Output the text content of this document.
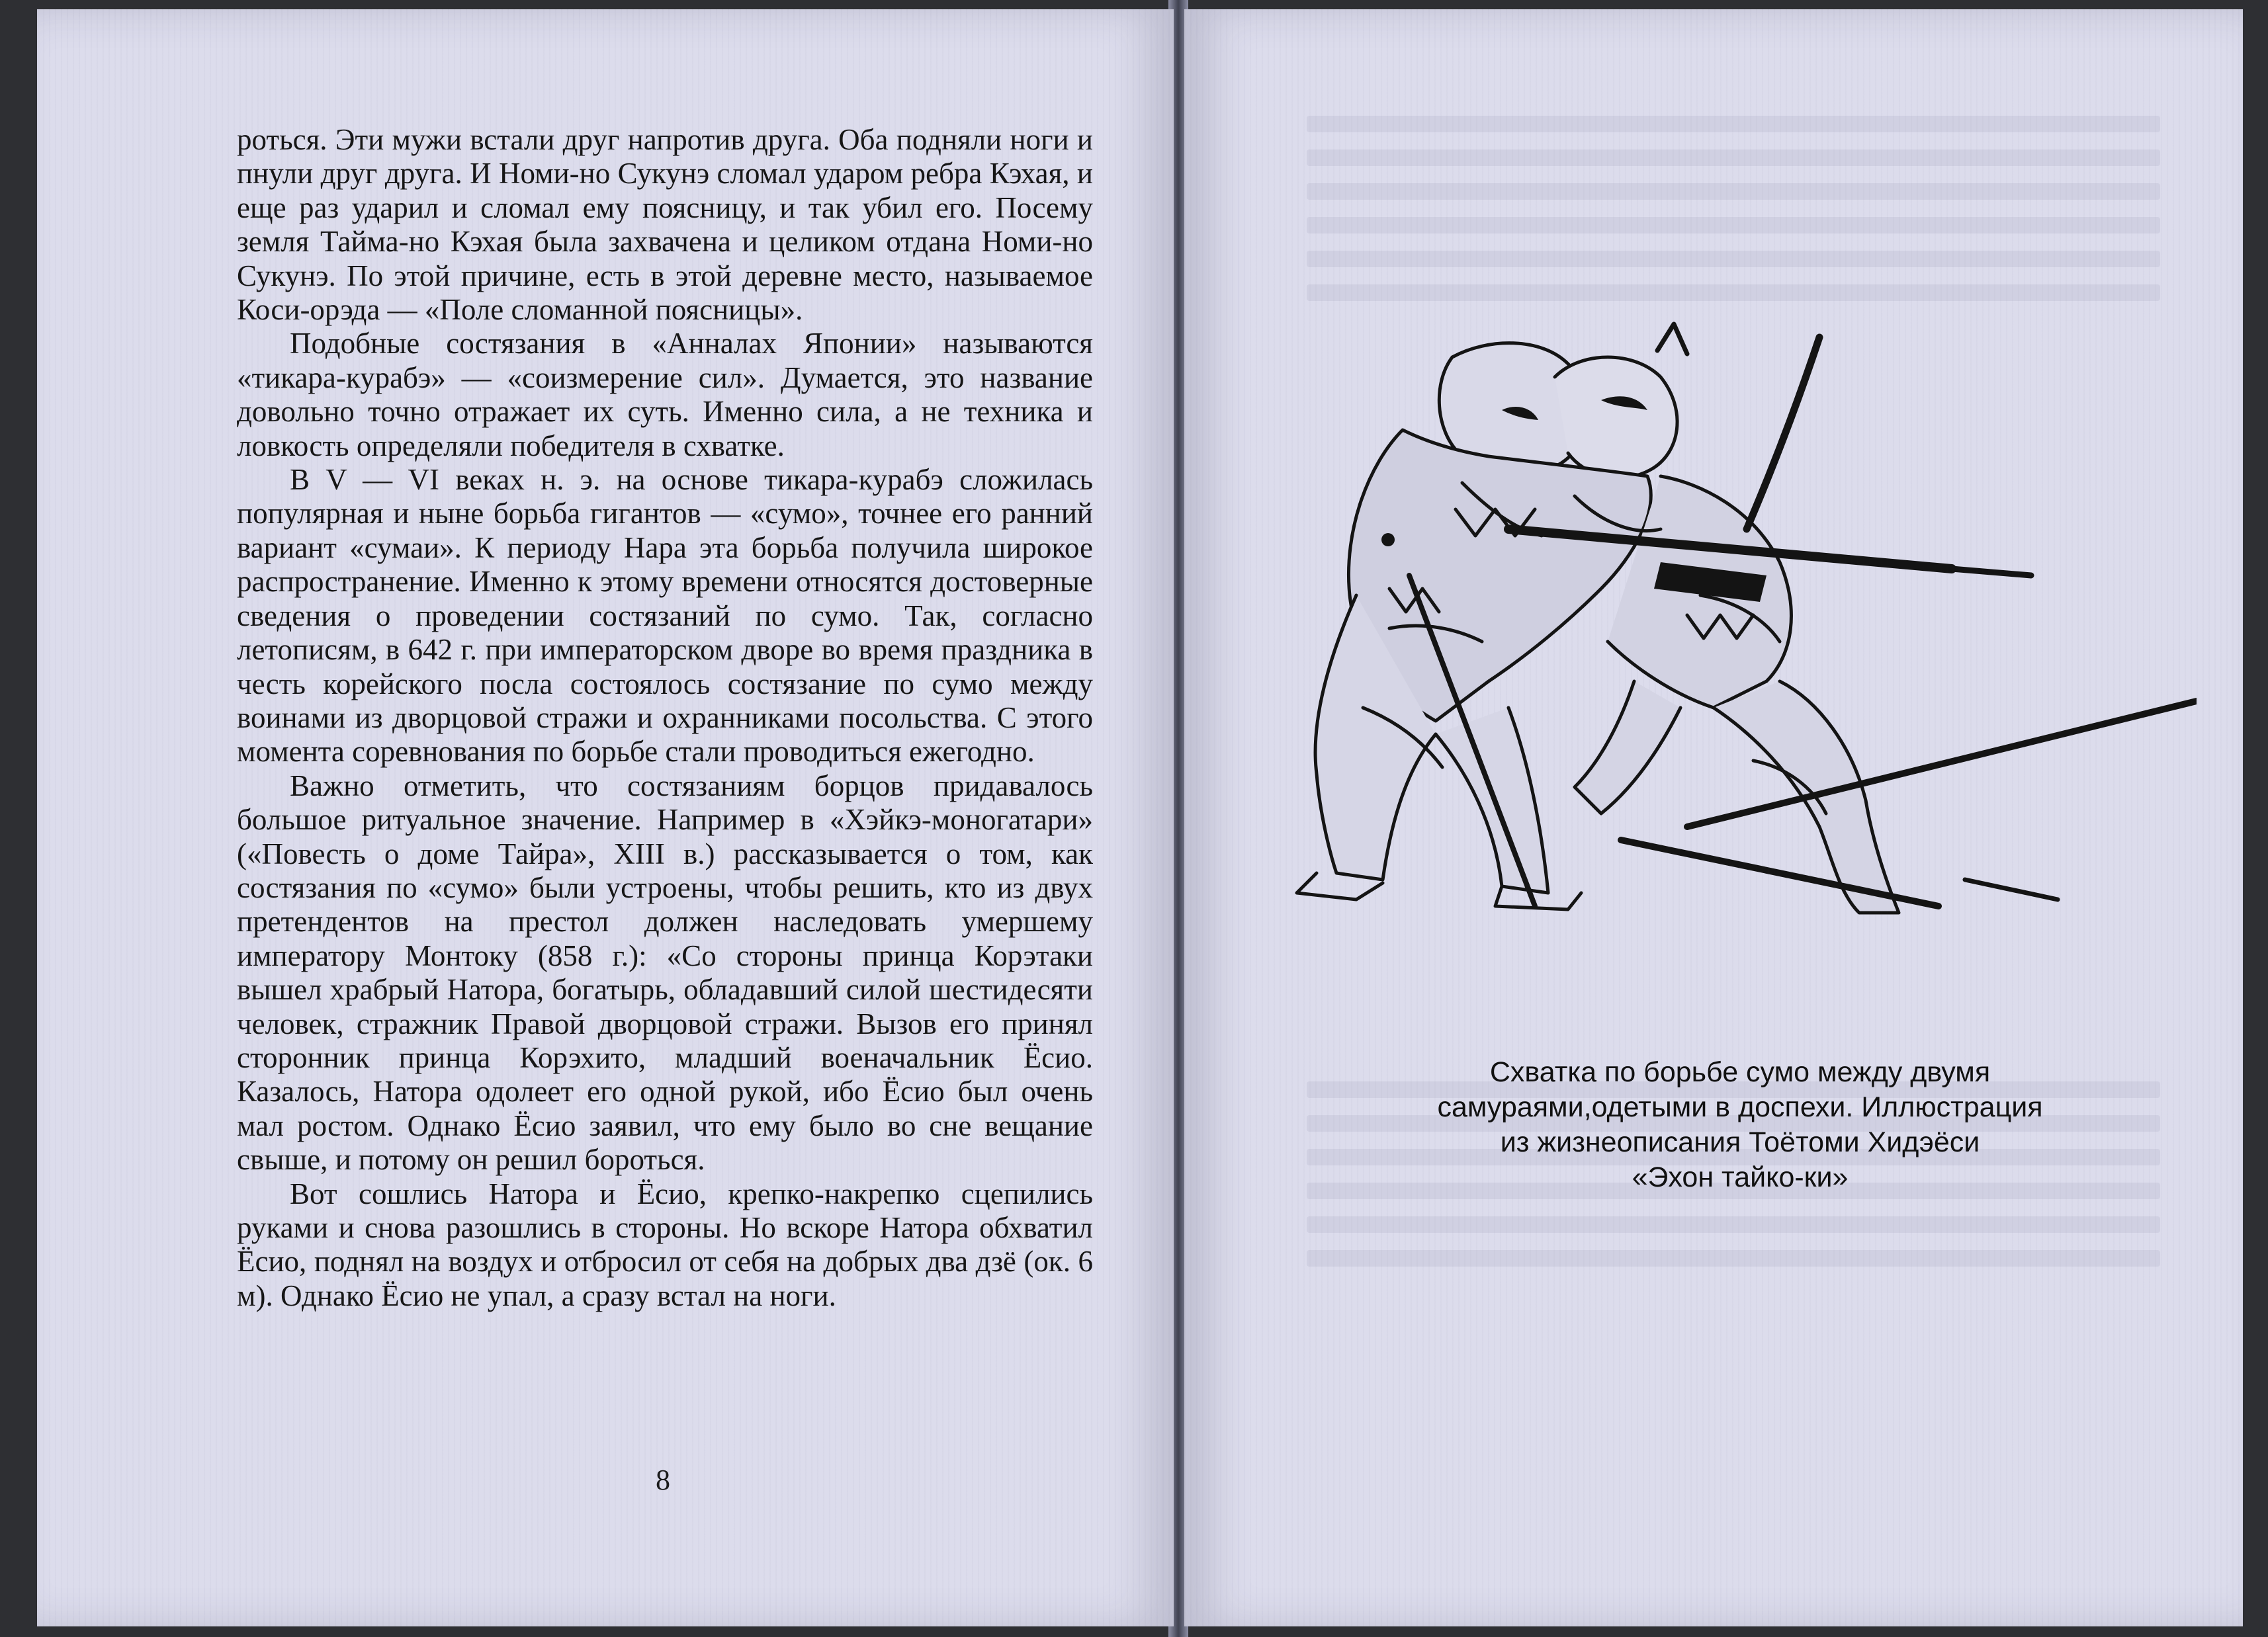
роться. Эти мужи встали друг напротив друга. Оба подняли ноги и пнули друг друга. И Номи-но Сукунэ сломал ударом ребра Кэхая, и еще раз ударил и сломал ему поясницу, и так убил его. Посему земля Тайма-но Кэхая была захвачена и целиком отдана Номи-но Сукунэ. По этой причине, есть в этой деревне место, называемое Коси-орэда — «Поле сломанной поясницы».

Подобные состязания в «Анналах Японии» называются «тикара-курабэ» — «соизмерение сил». Думается, это название довольно точно отражает их суть. Именно сила, а не техника и ловкость определяли победителя в схватке.

В V — VI веках н. э. на основе тикара-курабэ сложилась популярная и ныне борьба гигантов — «сумо», точнее его ранний вариант «сумаи». К периоду Нара эта борьба получила широкое распространение. Именно к этому времени относятся достоверные сведения о проведении состязаний по сумо. Так, согласно летописям, в 642 г. при императорском дворе во время праздника в честь корейского посла состоялось состязание по сумо между воинами из дворцовой стражи и охранниками посольства. С этого момента соревнования по борьбе стали проводиться ежегодно.

Важно отметить, что состязаниям борцов придавалось большое ритуальное значение. Например в «Хэйкэ-моногатари» («Повесть о доме Тайра», XIII в.) рассказывается о том, как состязания по «сумо» были устроены, чтобы решить, кто из двух претендентов на престол должен наследовать умершему императору Монтоку (858 г.): «Со стороны принца Корэтаки вышел храбрый Натора, богатырь, обладавший силой шестидесяти человек, стражник Правой дворцовой стражи. Вызов его принял сторонник принца Корэхито, младший военачальник Ёсио. Казалось, Натора одолеет его одной рукой, ибо Ёсио был очень мал ростом. Однако Ёсио заявил, что ему было во сне вещание свыше, и потому он решил бороться.

Вот сошлись Натора и Ёсио, крепко-накрепко сцепились руками и снова разошлись в стороны. Но вскоре Натора обхватил Ёсио, поднял на воздух и отбросил от себя на добрых два дзё (ок. 6 м). Однако Ёсио не упал, а сразу встал на ноги.

8
Схватка по борьбе сумо между двумя
самураями,одетыми в доспехи. Иллюстрация
из жизнеописания Тоётоми Хидэёси
«Эхон тайко-ки»
